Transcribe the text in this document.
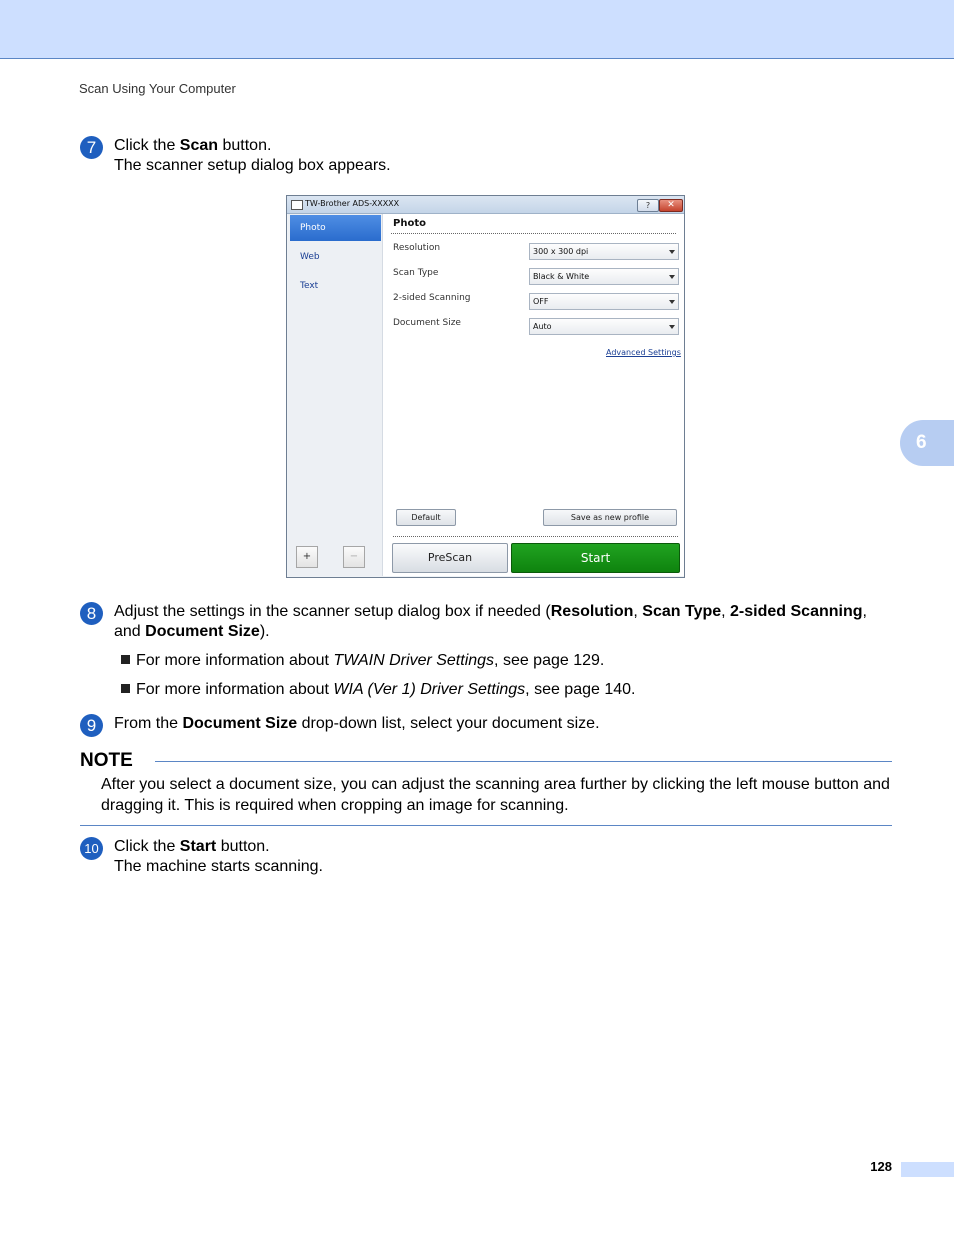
Scan Using Your Computer
6
7	Click the Scan button.
The scanner setup dialog box appears.
TW-Brother ADS-XXXXX	?	✕
Photo
Web
Text
+	−
Photo
Resolution	300 x 300 dpi
Scan Type	Black & White
2-sided Scanning	OFF
Document Size	Auto
Advanced Settings
Default	Save as new profile
PreScan	Start
8	Adjust the settings in the scanner setup dialog box if needed (Resolution, Scan Type, 2-sided Scanning,
and Document Size).
For more information about TWAIN Driver Settings, see page 129.
For more information about WIA (Ver 1) Driver Settings, see page 140.
9	From the Document Size drop-down list, select your document size.
NOTE
After you select a document size, you can adjust the scanning area further by clicking the left mouse button and dragging it. This is required when cropping an image for scanning.
10 Click the Start button.
The machine starts scanning.
128
